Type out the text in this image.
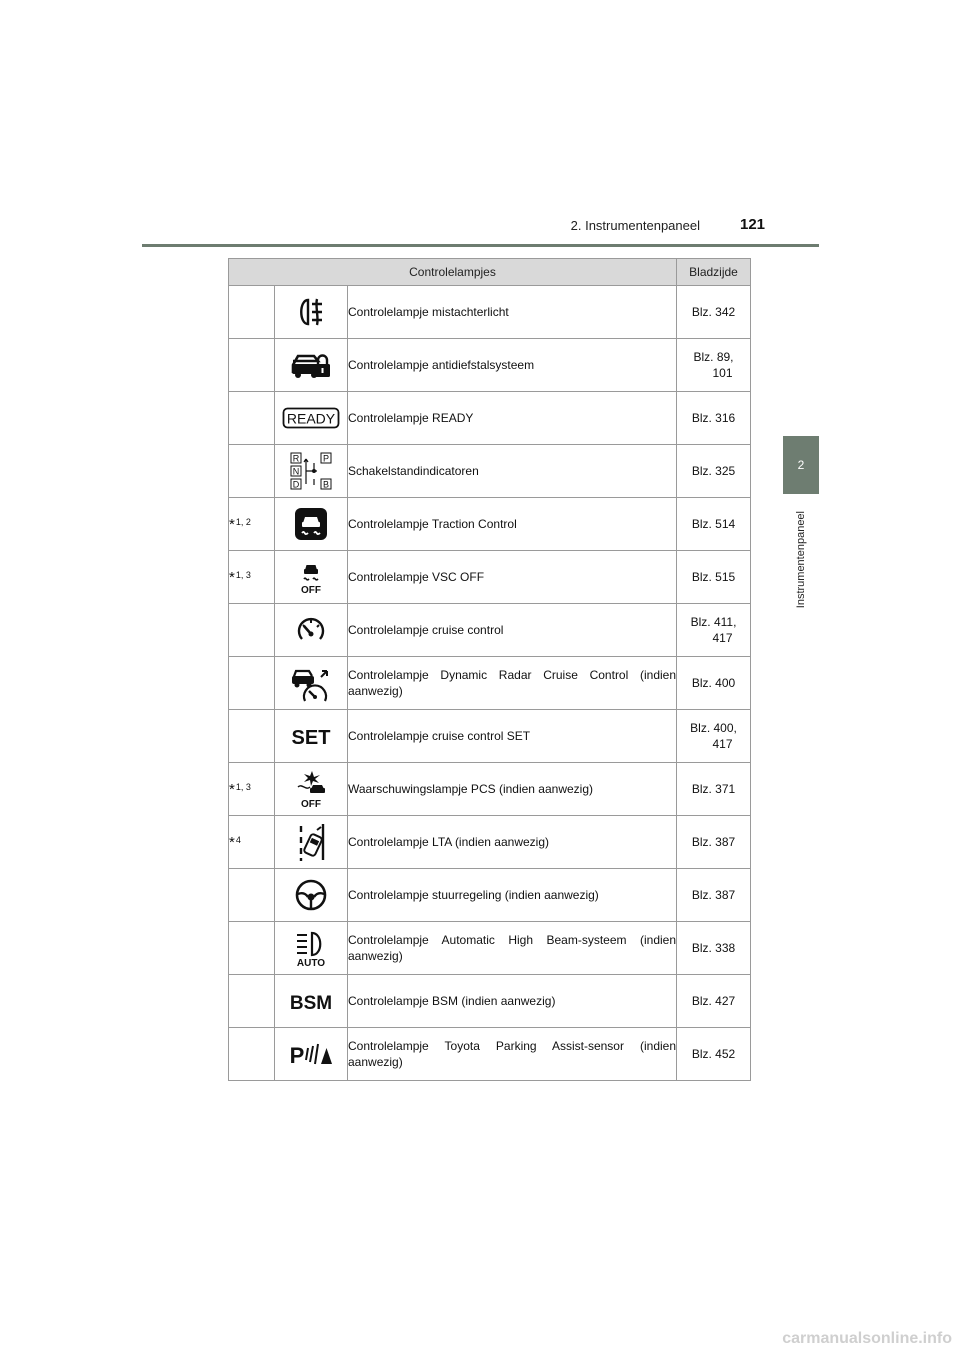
2. Instrumentenpaneel	121
2
Instrumentenpaneel
Controlelampjes			Bladzijde

	Controlelampje mistachterlicht	Blz. 342

	Controlelampje antidiefstalsysteem	Blz. 89,
101

READY	Controlelampje READY	Blz. 316

R
N
D
P
B	Schakelstandindicatoren	Blz. 325

*$^{1, 2}$		Controlelampje Traction Control	Blz. 514

*$^{1, 3}$	OFF	Controlelampje VSC OFF	Blz. 515

	Controlelampje cruise control	Blz. 411,
417

	Controlelampje Dynamic Radar Cruise Control (indien aanwezig)	Blz. 400

SET	Controlelampje cruise control SET	Blz. 400,
417

*$^{1, 3}$	OFF	Waarschuwingslampje PCS (indien aanwezig)	Blz. 371

*$^4$		Controlelampje LTA (indien aanwezig)	Blz. 387

	Controlelampje stuurregeling (indien aanwezig)	Blz. 387

AUTO	Controlelampje Automatic High Beam-systeem (indien aanwezig)	Blz. 338

BSM	Controlelampje BSM (indien aanwezig)	Blz. 427

P	Controlelampje Toyota Parking Assist-sensor (indien aanwezig)	Blz. 452
carmanualsonline.info
